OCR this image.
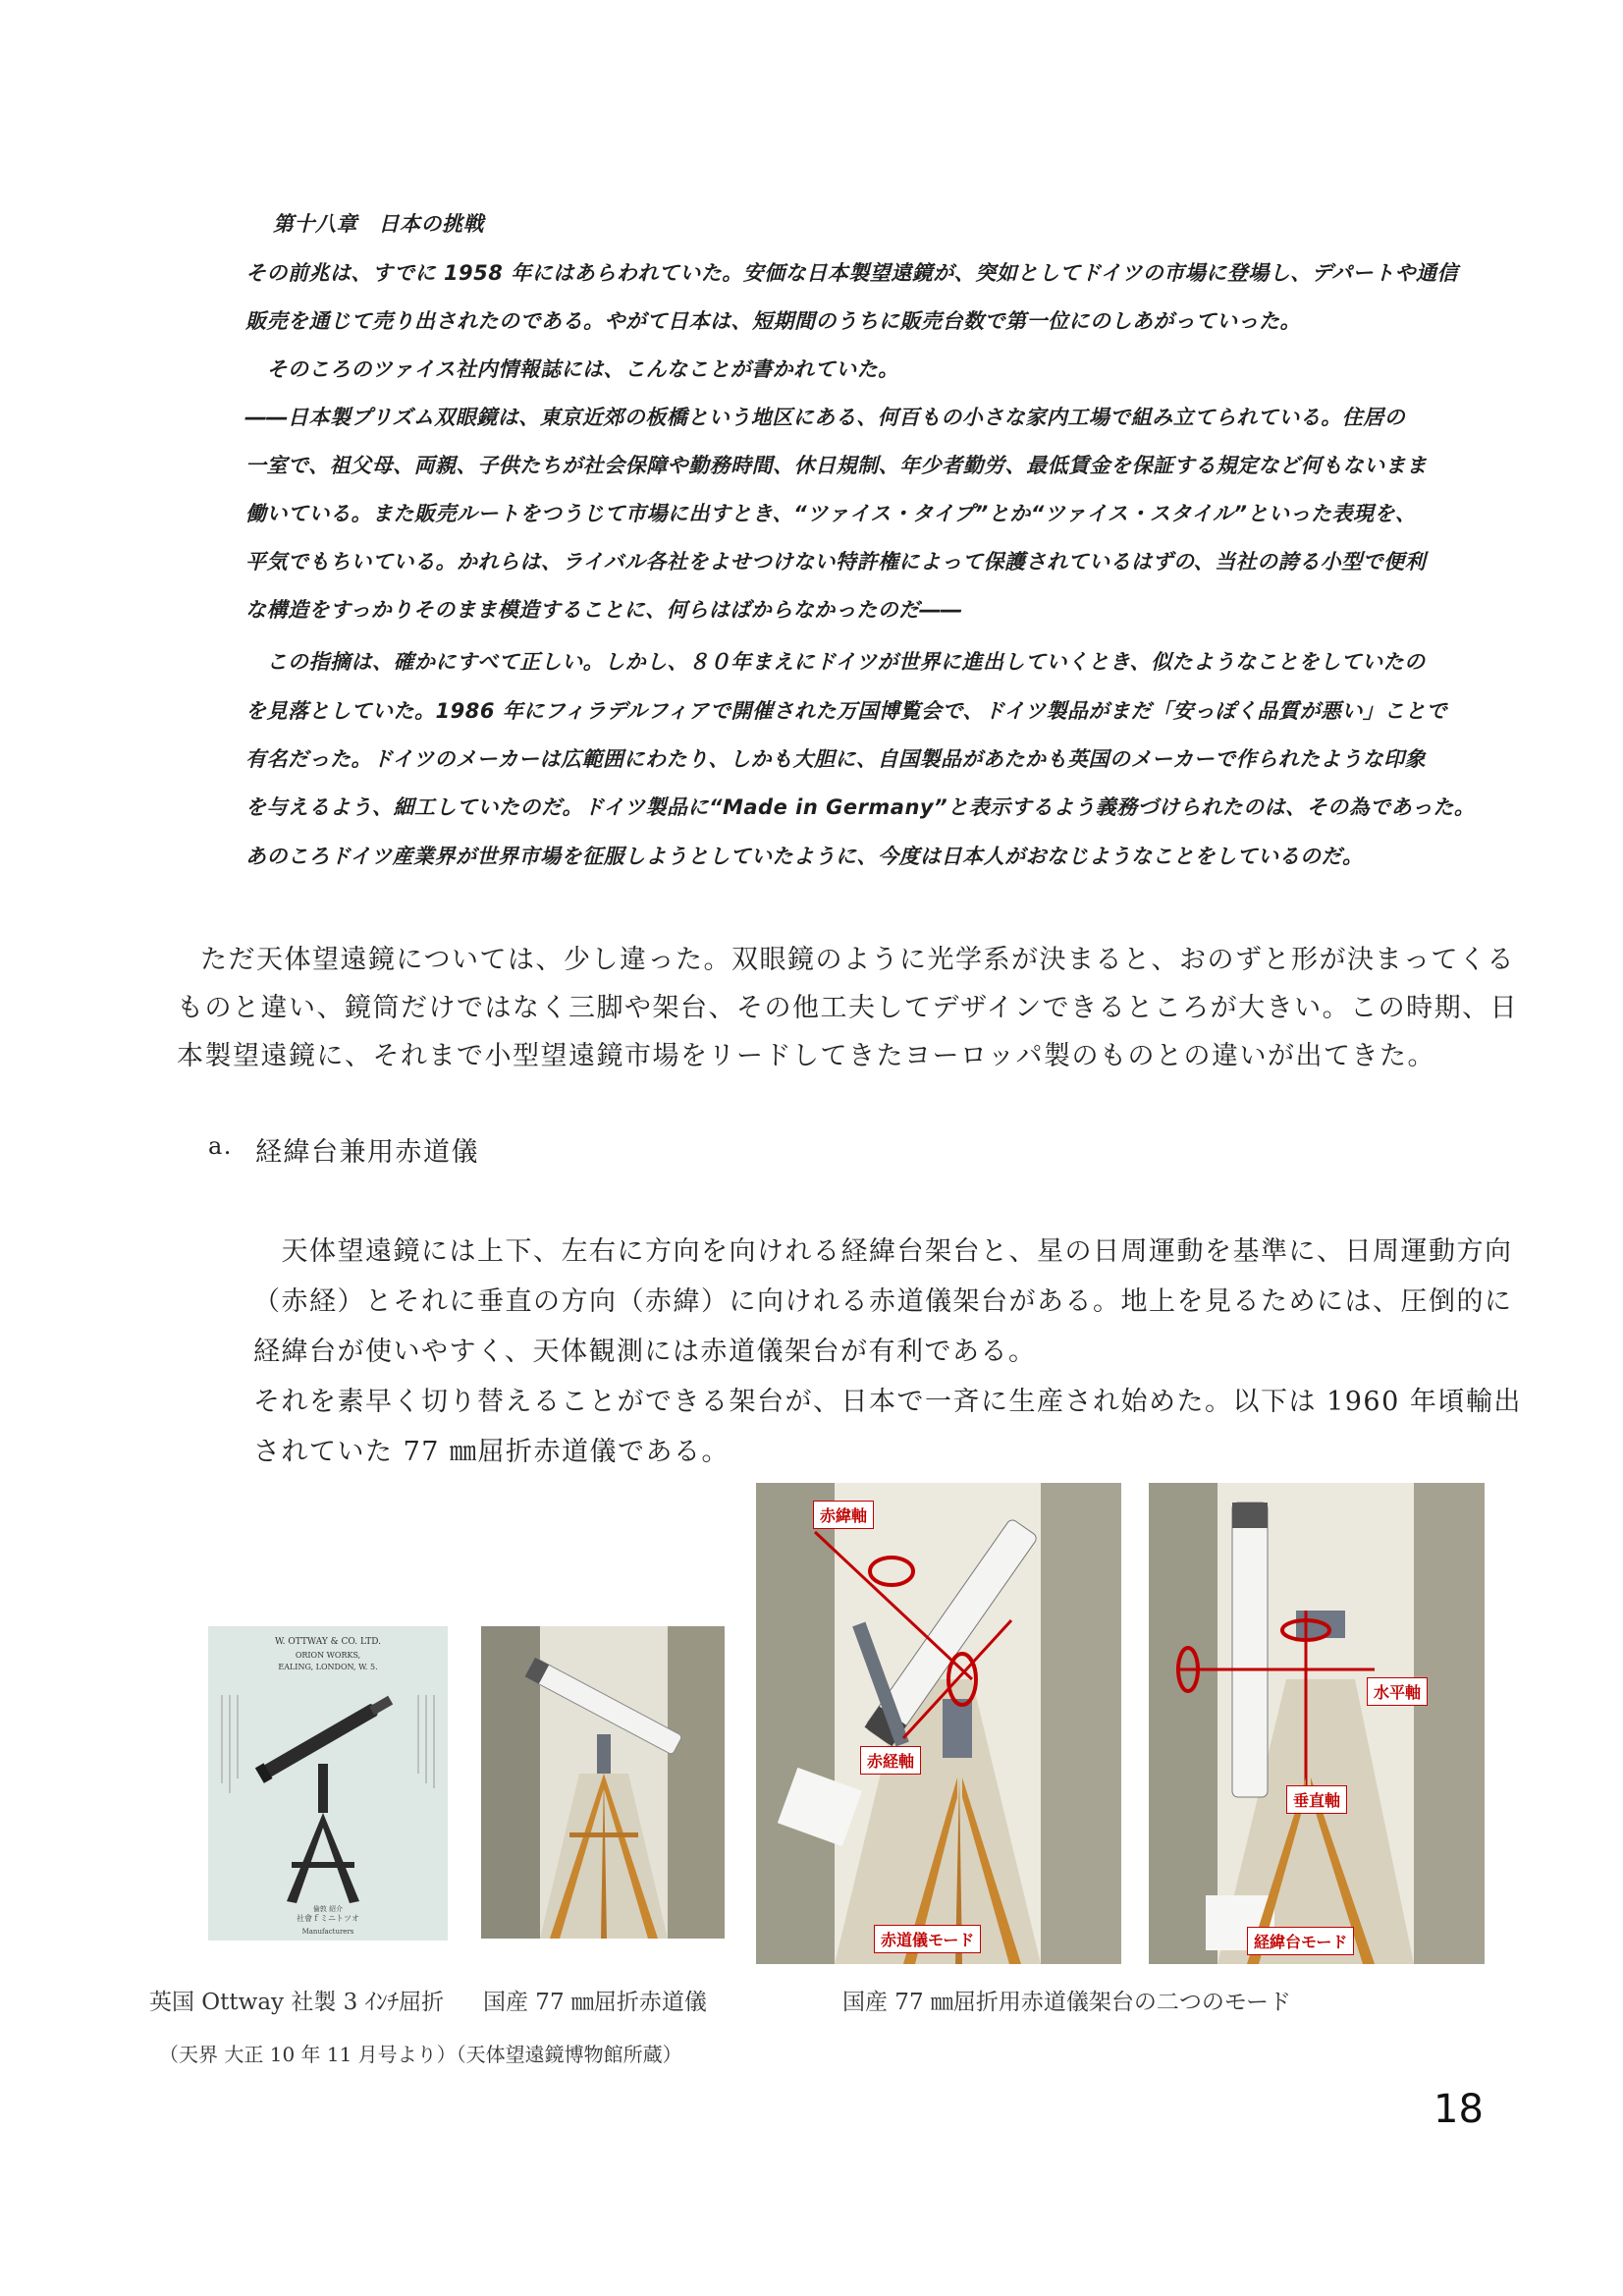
第十八章　日本の挑戦
その前兆は、すでに 1958 年にはあらわれていた。安価な日本製望遠鏡が、突如としてドイツの市場に登場し、デパートや通信
販売を通じて売り出されたのである。やがて日本は、短期間のうちに販売台数で第一位にのしあがっていった。
　そのころのツァイス社内情報誌には、こんなことが書かれていた。
――日本製プリズム双眼鏡は、東京近郊の板橋という地区にある、何百もの小さな家内工場で組み立てられている。住居の
一室で、祖父母、両親、子供たちが社会保障や勤務時間、休日規制、年少者勤労、最低賃金を保証する規定など何もないまま
働いている。また販売ルートをつうじて市場に出すとき、“ツァイス・タイプ”とか“ツァイス・スタイル”といった表現を、
平気でもちいている。かれらは、ライバル各社をよせつけない特許権によって保護されているはずの、当社の誇る小型で便利
な構造をすっかりそのまま模造することに、何らはばからなかったのだ――
　この指摘は、確かにすべて正しい。しかし、８０年まえにドイツが世界に進出していくとき、似たようなことをしていたの
を見落としていた。1986 年にフィラデルフィアで開催された万国博覧会で、ドイツ製品がまだ「安っぽく品質が悪い」ことで
有名だった。ドイツのメーカーは広範囲にわたり、しかも大胆に、自国製品があたかも英国のメーカーで作られたような印象
を与えるよう、細工していたのだ。ドイツ製品に“Made in Germany”と表示するよう義務づけられたのは、その為であった。
あのころドイツ産業界が世界市場を征服しようとしていたように、今度は日本人がおなじようなことをしているのだ。
ただ天体望遠鏡については、少し違った。双眼鏡のように光学系が決まると、おのずと形が決まってくる
ものと違い、鏡筒だけではなく三脚や架台、その他工夫してデザインできるところが大きい。この時期、日
本製望遠鏡に、それまで小型望遠鏡市場をリードしてきたヨーロッパ製のものとの違いが出てきた。
a. 経緯台兼用赤道儀
　天体望遠鏡には上下、左右に方向を向けれる経緯台架台と、星の日周運動を基準に、日周運動方向
（赤経）とそれに垂直の方向（赤緯）に向けれる赤道儀架台がある。地上を見るためには、圧倒的に
経緯台が使いやすく、天体観測には赤道儀架台が有利である。
それを素早く切り替えることができる架台が、日本で一斉に生産され始めた。以下は 1960 年頃輸出
されていた 77 ㎜屈折赤道儀である。
W. OTTWAY & CO. LTD.
ORION WORKS,
EALING, LONDON, W. 5.
倫敦 紹介
社會ｆミニトツオ
Manufacturers
赤緯軸
赤経軸
赤道儀モード
水平軸
垂直軸
経緯台モード
英国 Ottway 社製 3 ｲﾝﾁ屈折 国産 77 ㎜屈折赤道儀	国産 77 ㎜屈折用赤道儀架台の二つのモード
（天界 大正 10 年 11 月号より）（天体望遠鏡博物館所蔵）
18
